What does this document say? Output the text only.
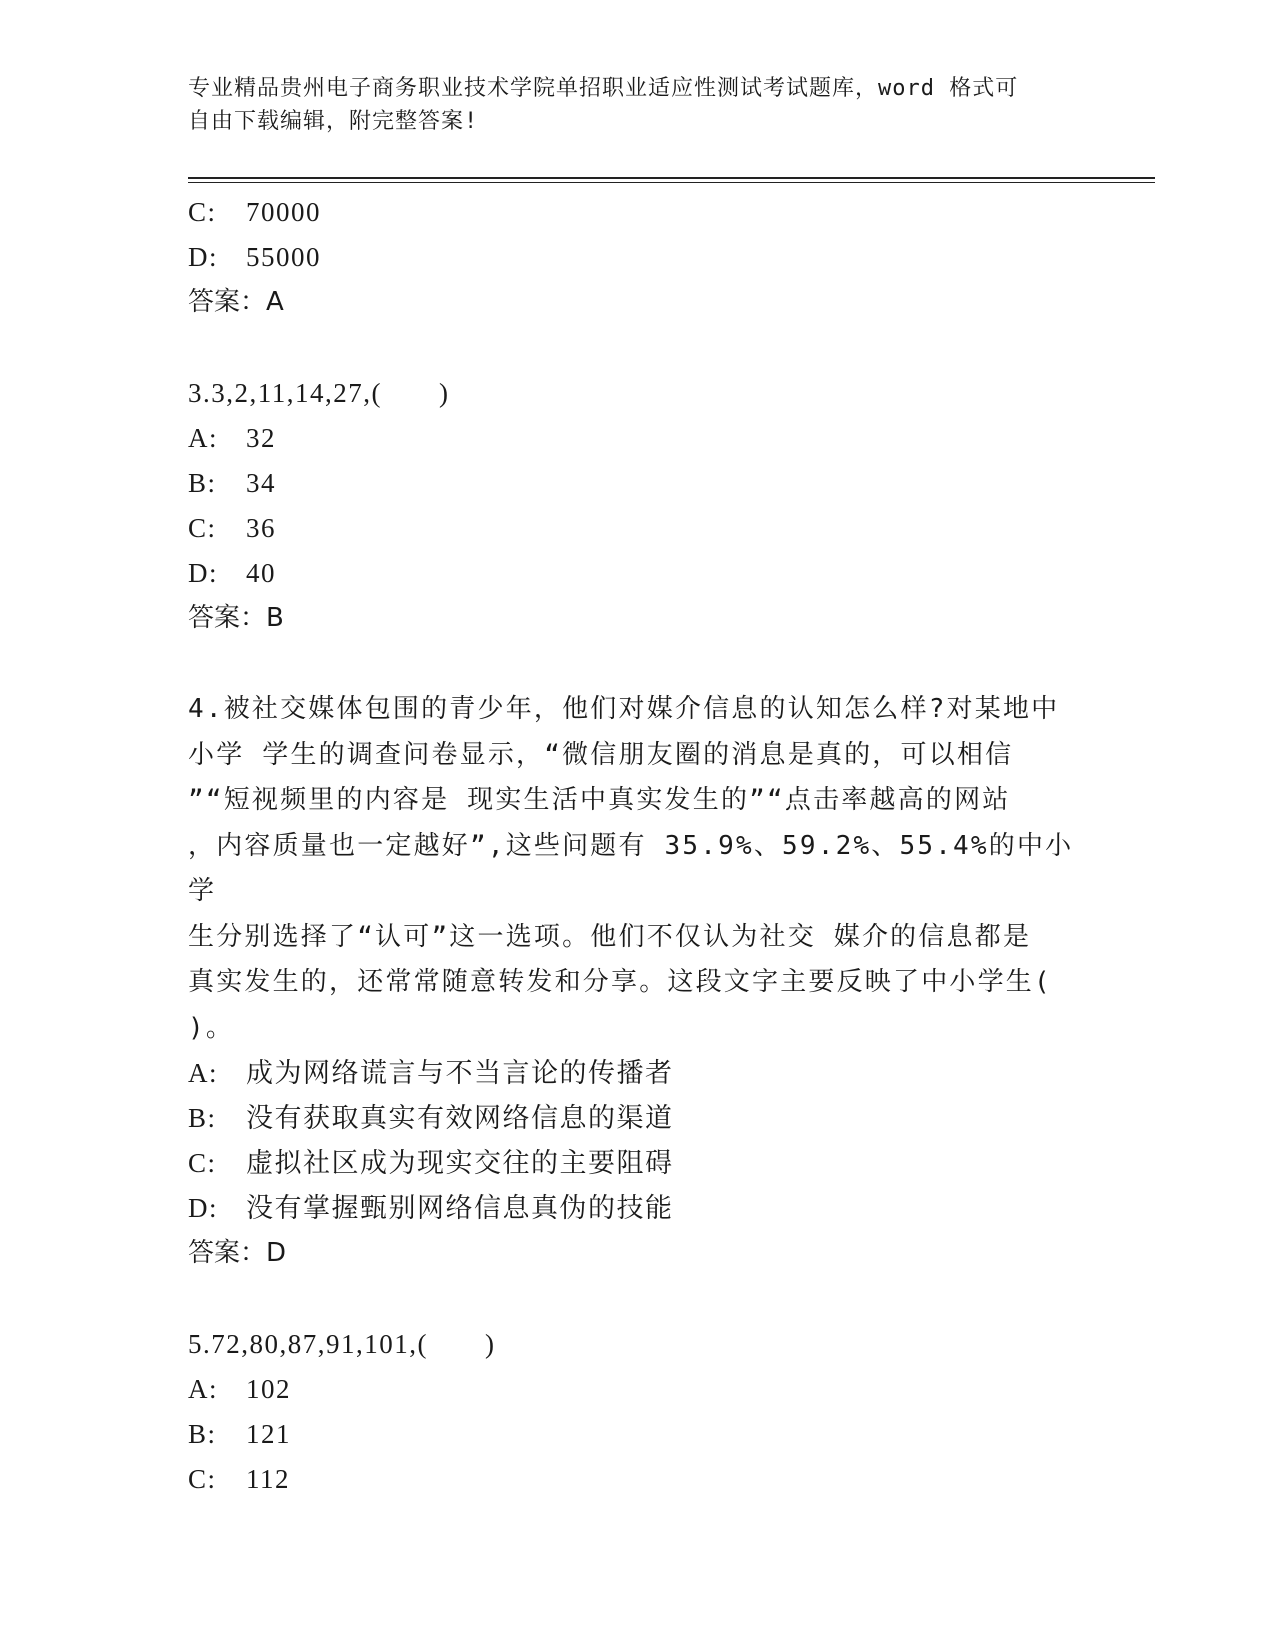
专业精品贵州电子商务职业技术学院单招职业适应性测试考试题库，word 格式可
自由下载编辑，附完整答案!
C: 70000
D: 55000
答案：A
3.3,2,11,14,27,(　　)
A: 32
B: 34
C: 36
D: 40
答案：B
4.被社交媒体包围的青少年，他们对媒介信息的认知怎么样?对某地中
小学 学生的调查问卷显示，“微信朋友圈的消息是真的，可以相信
”“短视频里的内容是 现实生活中真实发生的”“点击率越高的网站
，内容质量也一定越好”,这些问题有 35.9%、59.2%、55.4%的中小学
生分别选择了“认可”这一选项。他们不仅认为社交 媒介的信息都是
真实发生的，还常常随意转发和分享。这段文字主要反映了中小学生(
)。
A: 成为网络谎言与不当言论的传播者
B: 没有获取真实有效网络信息的渠道
C: 虚拟社区成为现实交往的主要阻碍
D: 没有掌握甄别网络信息真伪的技能
答案：D
5.72,80,87,91,101,(　　)
A: 102
B: 121
C: 112
